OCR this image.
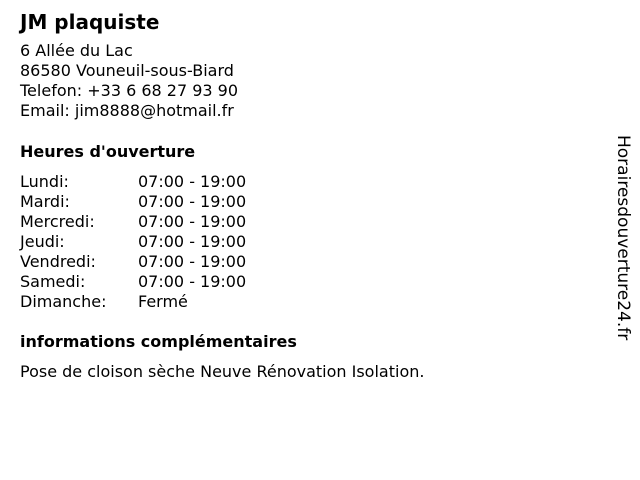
JM plaquiste
6 Allée du Lac
86580 Vouneuil-sous-Biard
Telefon: +33 6 68 27 93 90
Email: jim8888@hotmail.fr
Heures d'ouverture
Lundi:	07:00 - 19:00
Mardi:	07:00 - 19:00
Mercredi:	07:00 - 19:00
Jeudi:	07:00 - 19:00
Vendredi:	07:00 - 19:00
Samedi:	07:00 - 19:00
Dimanche:	Fermé
informations complémentaires
Pose de cloison sèche Neuve Rénovation Isolation.
Horairesdouverture24.fr
